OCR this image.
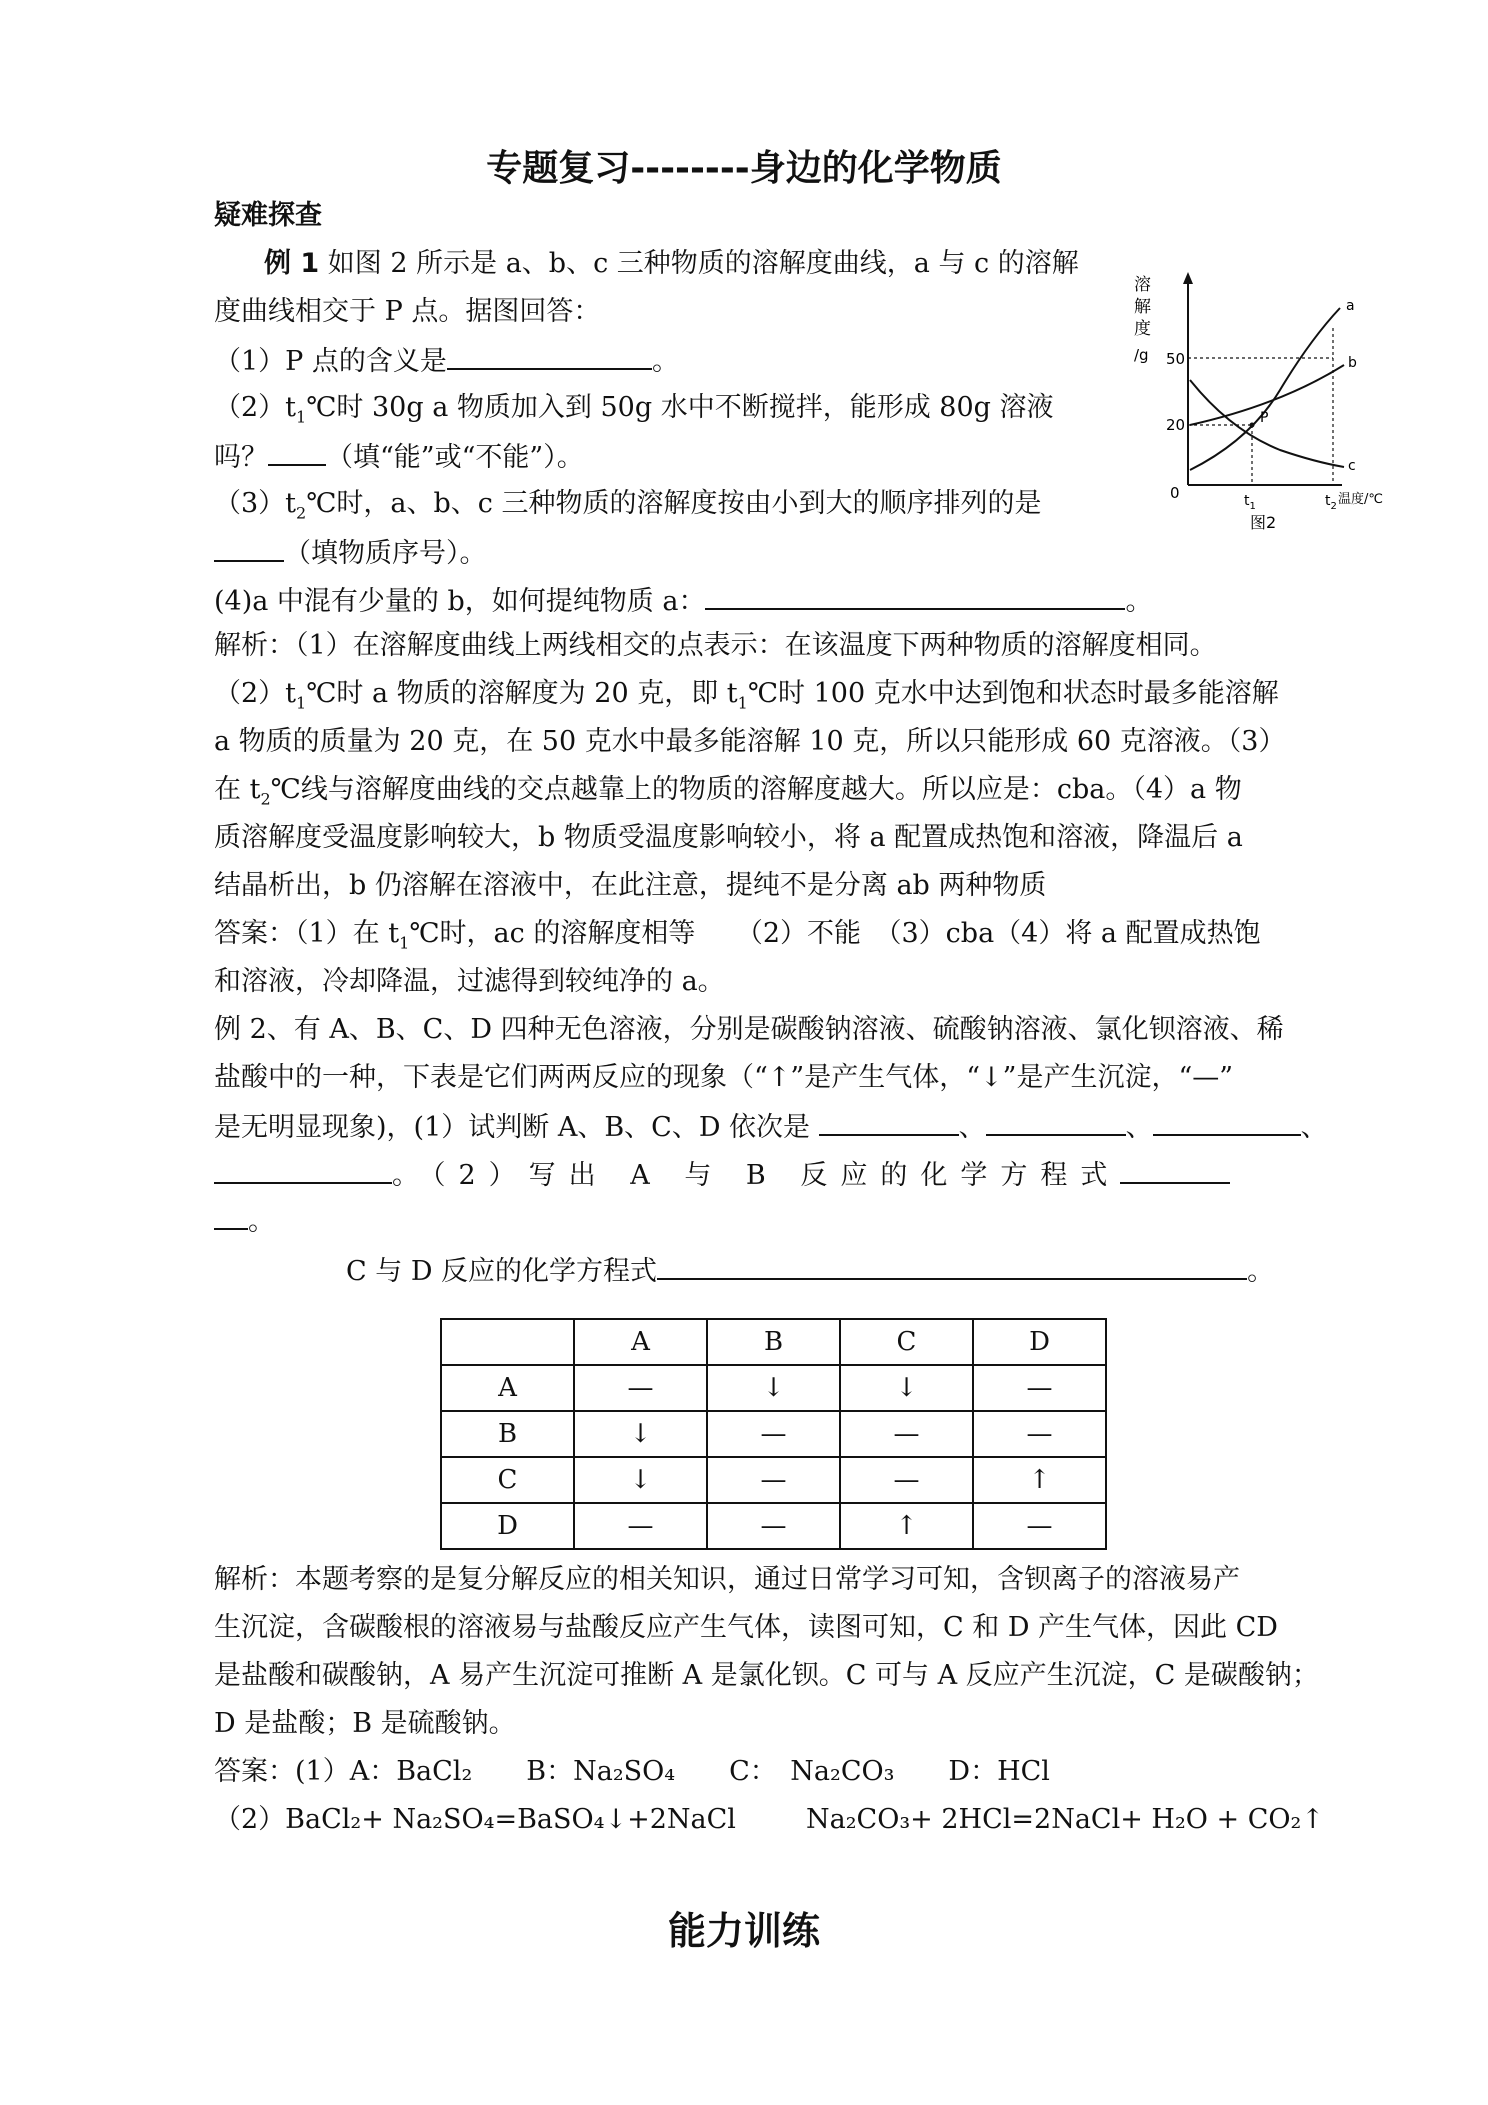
专题复习--------身边的化学物质
疑难探查
例 1 如图 2 所示是 a、b、c 三种物质的溶解度曲线，a 与 c 的溶解
度曲线相交于 P 点。据图回答：
（1）P 点的含义是	。
$(2)t_1℃$时 30g a 物质加入到 50g 水中不断搅拌，能形成 80g 溶液
吗？ （填“能”或“不能”）。
$(3)t_2℃$时，a、b、c 三种物质的溶解度按由小到大的顺序排列的是
（填物质序号）。
(4)a 中混有少量的 b，如何提纯物质 a：	。
解析：（1）在溶解度曲线上两线相交的点表示：在该温度下两种物质的溶解度相同。
$(2)t_1℃$时 a 物质的溶解度为 20 克，即 $t_1℃$时 100 克水中达到饱和状态时最多能溶解
a 物质的质量为 20 克，在 50 克水中最多能溶解 10 克，所以只能形成 60 克溶液。（3）
在 $t_2℃$线与溶解度曲线的交点越靠上的物质的溶解度越大。所以应是：cba。（4）a 物
质溶解度受温度影响较大，b 物质受温度影响较小，将 a 配置成热饱和溶液，降温后 a
结晶析出，b 仍溶解在溶液中，在此注意，提纯不是分离 ab 两种物质
答案：（1）在 $t_1℃$时，ac 的溶解度相等　　（2）不能　（3）cba（4）将 a 配置成热饱
和溶液，冷却降温，过滤得到较纯净的 a。
溶
解
度
/g 50
20
0
a
b
c
P
$t_1$	$t_2$ 温度/℃
图2
例 2、有 A、B、C、D 四种无色溶液，分别是碳酸钠溶液、硫酸钠溶液、氯化钡溶液、稀
盐酸中的一种，下表是它们两两反应的现象（“↑”是产生气体，“↓”是产生沉淀，“—”
是无明显现象)，(1）试判断 A、B、C、D 依次是	、	、	、
。（2）写出 A 与 B 反应的化学方程式
。
C 与 D 反应的化学方程式	。
	A	B	C	D
A	—	↓	↓	—
B	↓	—	—	—
C	↓	—	—	↑
D	—	—	↑	—
解析：本题考察的是复分解反应的相关知识，通过日常学习可知，含钡离子的溶液易产
生沉淀，含碳酸根的溶液易与盐酸反应产生气体，读图可知，C 和 D 产生气体，因此 CD
是盐酸和碳酸钠，A 易产生沉淀可推断 A 是氯化钡。C 可与 A 反应产生沉淀，C 是碳酸钠；
D 是盐酸；B 是硫酸钠。
答案：(1）A：BaCl₂　　B：Na₂SO₄　　C：　Na₂CO₃　　D：HCl
（2）BaCl₂+ Na₂SO₄=BaSO₄↓+2NaCl	Na₂CO₃+ 2HCl=2NaCl+ H₂O + CO₂↑
能力训练
